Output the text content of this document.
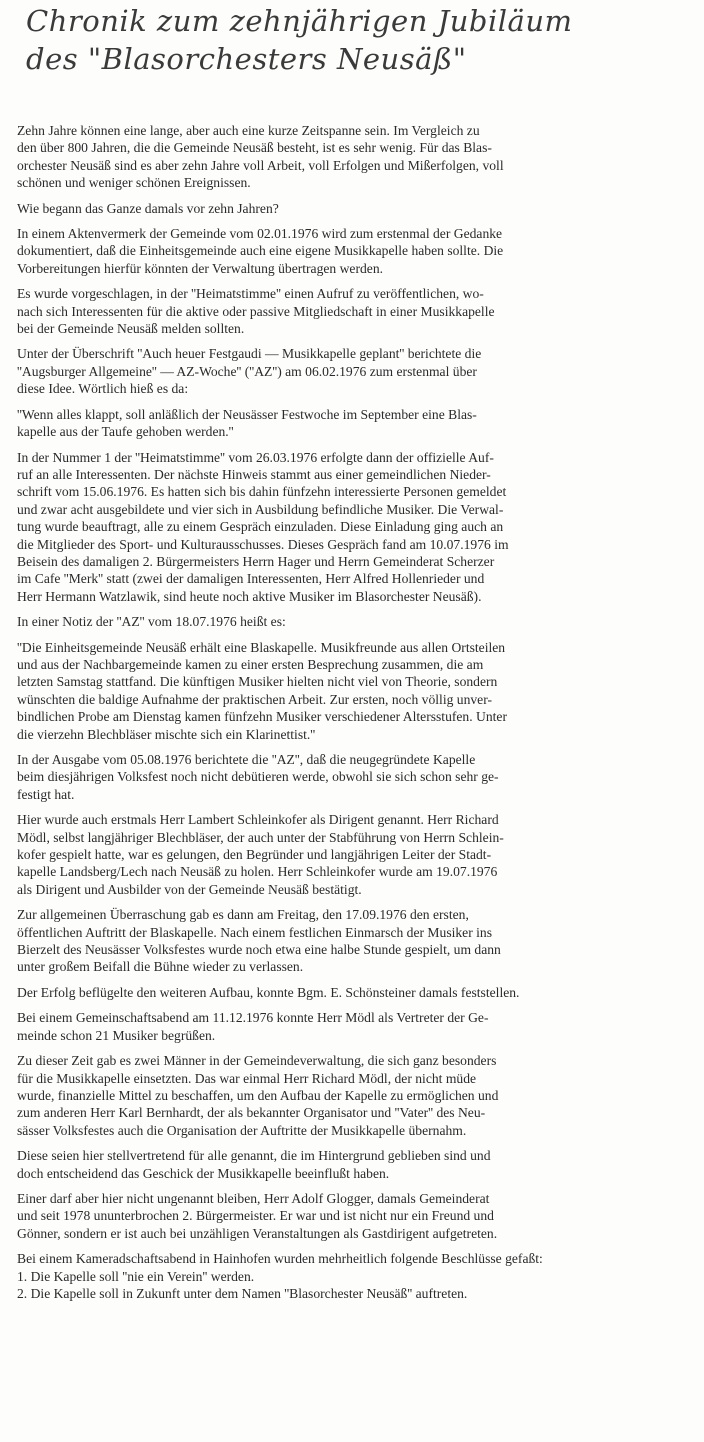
Chronik zum zehnjährigen Jubiläum
des "Blasorchesters Neusäß"

Zehn Jahre können eine lange, aber auch eine kurze Zeitspanne sein. Im Vergleich zu
den über 800 Jahren, die die Gemeinde Neusäß besteht, ist es sehr wenig. Für das Blas-
orchester Neusäß sind es aber zehn Jahre voll Arbeit, voll Erfolgen und Mißerfolgen, voll
schönen und weniger schönen Ereignissen.

Wie begann das Ganze damals vor zehn Jahren?

In einem Aktenvermerk der Gemeinde vom 02.01.1976 wird zum erstenmal der Gedanke
dokumentiert, daß die Einheitsgemeinde auch eine eigene Musikkapelle haben sollte. Die
Vorbereitungen hierfür könnten der Verwaltung übertragen werden.

Es wurde vorgeschlagen, in der ''Heimatstimme'' einen Aufruf zu veröffentlichen, wo-
nach sich Interessenten für die aktive oder passive Mitgliedschaft in einer Musikkapelle
bei der Gemeinde Neusäß melden sollten.

Unter der Überschrift ''Auch heuer Festgaudi — Musikkapelle geplant'' berichtete die
''Augsburger Allgemeine'' — AZ-Woche'' (''AZ'') am 06.02.1976 zum erstenmal über
diese Idee. Wörtlich hieß es da:

''Wenn alles klappt, soll anläßlich der Neusässer Festwoche im September eine Blas-
kapelle aus der Taufe gehoben werden.''

In der Nummer 1 der ''Heimatstimme'' vom 26.03.1976 erfolgte dann der offizielle Auf-
ruf an alle Interessenten. Der nächste Hinweis stammt aus einer gemeindlichen Nieder-
schrift vom 15.06.1976. Es hatten sich bis dahin fünfzehn interessierte Personen gemeldet
und zwar acht ausgebildete und vier sich in Ausbildung befindliche Musiker. Die Verwal-
tung wurde beauftragt, alle zu einem Gespräch einzuladen. Diese Einladung ging auch an
die Mitglieder des Sport- und Kulturausschusses. Dieses Gespräch fand am 10.07.1976 im
Beisein des damaligen 2. Bürgermeisters Herrn Hager und Herrn Gemeinderat Scherzer
im Cafe ''Merk'' statt (zwei der damaligen Interessenten, Herr Alfred Hollenrieder und
Herr Hermann Watzlawik, sind heute noch aktive Musiker im Blasorchester Neusäß).

In einer Notiz der ''AZ'' vom 18.07.1976 heißt es:

''Die Einheitsgemeinde Neusäß erhält eine Blaskapelle. Musikfreunde aus allen Ortsteilen
und aus der Nachbargemeinde kamen zu einer ersten Besprechung zusammen, die am
letzten Samstag stattfand. Die künftigen Musiker hielten nicht viel von Theorie, sondern
wünschten die baldige Aufnahme der praktischen Arbeit. Zur ersten, noch völlig unver-
bindlichen Probe am Dienstag kamen fünfzehn Musiker verschiedener Altersstufen. Unter
die vierzehn Blechbläser mischte sich ein Klarinettist.''

In der Ausgabe vom 05.08.1976 berichtete die ''AZ'', daß die neugegründete Kapelle
beim diesjährigen Volksfest noch nicht debütieren werde, obwohl sie sich schon sehr ge-
festigt hat.

Hier wurde auch erstmals Herr Lambert Schleinkofer als Dirigent genannt. Herr Richard
Mödl, selbst langjähriger Blechbläser, der auch unter der Stabführung von Herrn Schlein-
kofer gespielt hatte, war es gelungen, den Begründer und langjährigen Leiter der Stadt-

kapelle Landsberg/Lech nach Neusäß zu holen. Herr Schleinkofer wurde am 19.07.1976
als Dirigent und Ausbilder von der Gemeinde Neusäß bestätigt.

Zur allgemeinen Überraschung gab es dann am Freitag, den 17.09.1976 den ersten,
öffentlichen Auftritt der Blaskapelle. Nach einem festlichen Einmarsch der Musiker ins
Bierzelt des Neusässer Volksfestes wurde noch etwa eine halbe Stunde gespielt, um dann
unter großem Beifall die Bühne wieder zu verlassen.

Der Erfolg beflügelte den weiteren Aufbau, konnte Bgm. E. Schönsteiner damals feststellen.

Bei einem Gemeinschaftsabend am 11.12.1976 konnte Herr Mödl als Vertreter der Ge-
meinde schon 21 Musiker begrüßen.

Zu dieser Zeit gab es zwei Männer in der Gemeindeverwaltung, die sich ganz besonders
für die Musikkapelle einsetzten. Das war einmal Herr Richard Mödl, der nicht müde
wurde, finanzielle Mittel zu beschaffen, um den Aufbau der Kapelle zu ermöglichen und
zum anderen Herr Karl Bernhardt, der als bekannter Organisator und ''Vater'' des Neu-
sässer Volksfestes auch die Organisation der Auftritte der Musikkapelle übernahm.

Diese seien hier stellvertretend für alle genannt, die im Hintergrund geblieben sind und
doch entscheidend das Geschick der Musikkapelle beeinflußt haben.

Einer darf aber hier nicht ungenannt bleiben, Herr Adolf Glogger, damals Gemeinderat
und seit 1978 ununterbrochen 2. Bürgermeister. Er war und ist nicht nur ein Freund und
Gönner, sondern er ist auch bei unzähligen Veranstaltungen als Gastdirigent aufgetreten.

Bei einem Kameradschaftsabend in Hainhofen wurden mehrheitlich folgende Beschlüsse gefaßt:
1. Die Kapelle soll ''nie ein Verein'' werden.
2. Die Kapelle soll in Zukunft unter dem Namen ''Blasorchester Neusäß'' auftreten.
